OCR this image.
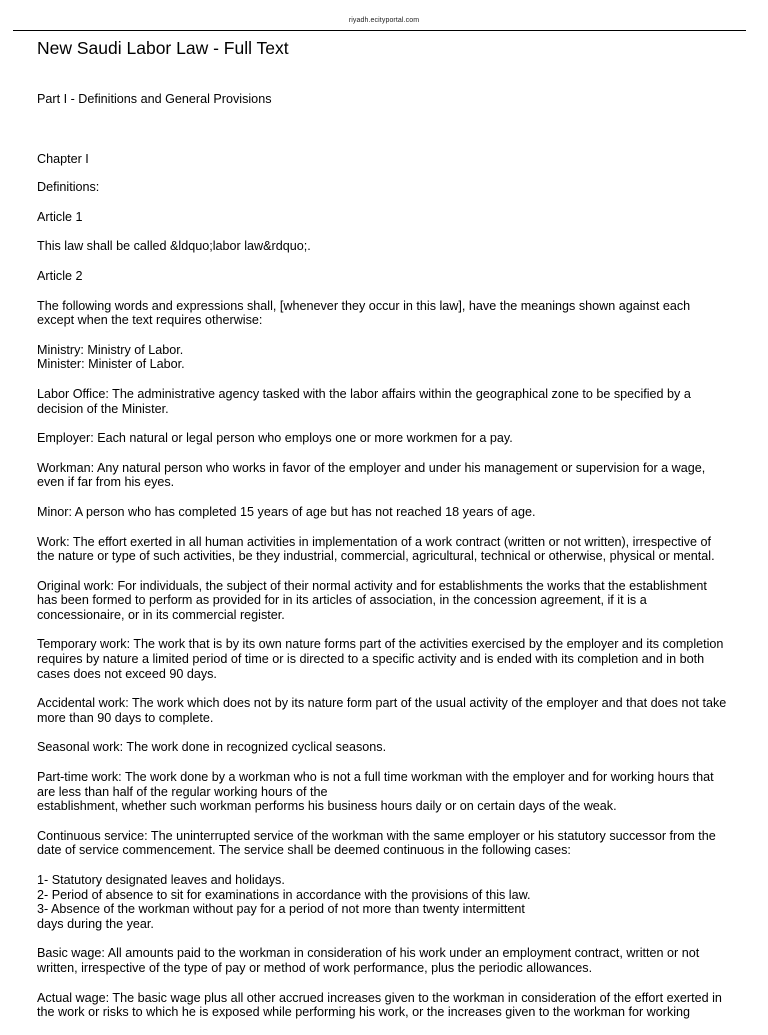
riyadh.ecityportal.com
New Saudi Labor Law - Full Text
Part I - Definitions and General Provisions
Chapter I

Definitions:

Article 1

This law shall be called &ldquo;labor law&rdquo;.

Article 2

The following words and expressions shall, [whenever they occur in this law], have the meanings shown against each except when the text requires otherwise:

Ministry: Ministry of Labor.

Minister: Minister of Labor.

Labor Office: The administrative agency tasked with the labor affairs within the geographical zone to be specified by a decision of the Minister.

Employer: Each natural or legal person who employs one or more workmen for a pay.

Workman: Any natural person who works in favor of the employer and under his management or supervision for a wage, even if far from his eyes.

Minor: A person who has completed 15 years of age but has not reached 18 years of age.

Work: The effort exerted in all human activities in implementation of a work contract (written or not written), irrespective of the nature or type of such activities, be they industrial, commercial, agricultural, technical or otherwise, physical or mental.

Original work: For individuals, the subject of their normal activity and for establishments the works that the establishment has been formed to perform as provided for in its articles of association, in the concession agreement, if it is a concessionaire, or in its commercial register.

Temporary work: The work that is by its own nature forms part of the activities exercised by the employer and its completion requires by nature a limited period of time or is directed to a specific activity and is ended with its completion and in both cases does not exceed 90 days.

Accidental work: The work which does not by its nature form part of the usual activity of the employer and that does not take more than 90 days to complete.

Seasonal work: The work done in recognized cyclical seasons.

Part-time work: The work done by a workman who is not a full time workman with the employer and for working hours that are less than half of the regular working hours of the

establishment, whether such workman performs his business hours daily or on certain days of the weak.

Continuous service: The uninterrupted service of the workman with the same employer or his statutory successor from the date of service commencement. The service shall be deemed continuous in the following cases:

1- Statutory designated leaves and holidays.

2- Period of absence to sit for examinations in accordance with the provisions of this law.

3- Absence of the workman without pay for a period of not more than twenty intermittent

days during the year.

Basic wage: All amounts paid to the workman in consideration of his work under an employment contract, written or not written, irrespective of the type of pay or method of work performance, plus the periodic allowances.

Actual wage: The basic wage plus all other accrued increases given to the workman in consideration of the effort exerted in the work or risks to which he is exposed while performing his work, or the increases given to the workman for working
